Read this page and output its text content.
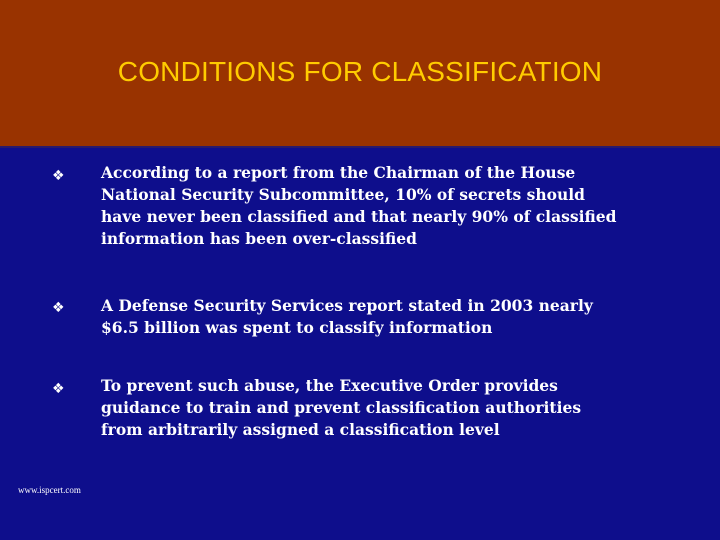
CONDITIONS FOR CLASSIFICATION
❖	According to a report from the Chairman of the House National Security Subcommittee, 10% of secrets should have never been classified and that nearly 90% of classified information has been over-classified
❖	A Defense Security Services report stated in 2003 nearly $6.5 billion was spent to classify information
❖	To prevent such abuse, the Executive Order provides guidance to train and prevent classification authorities from arbitrarily assigned a classification level
www.ispcert.com
